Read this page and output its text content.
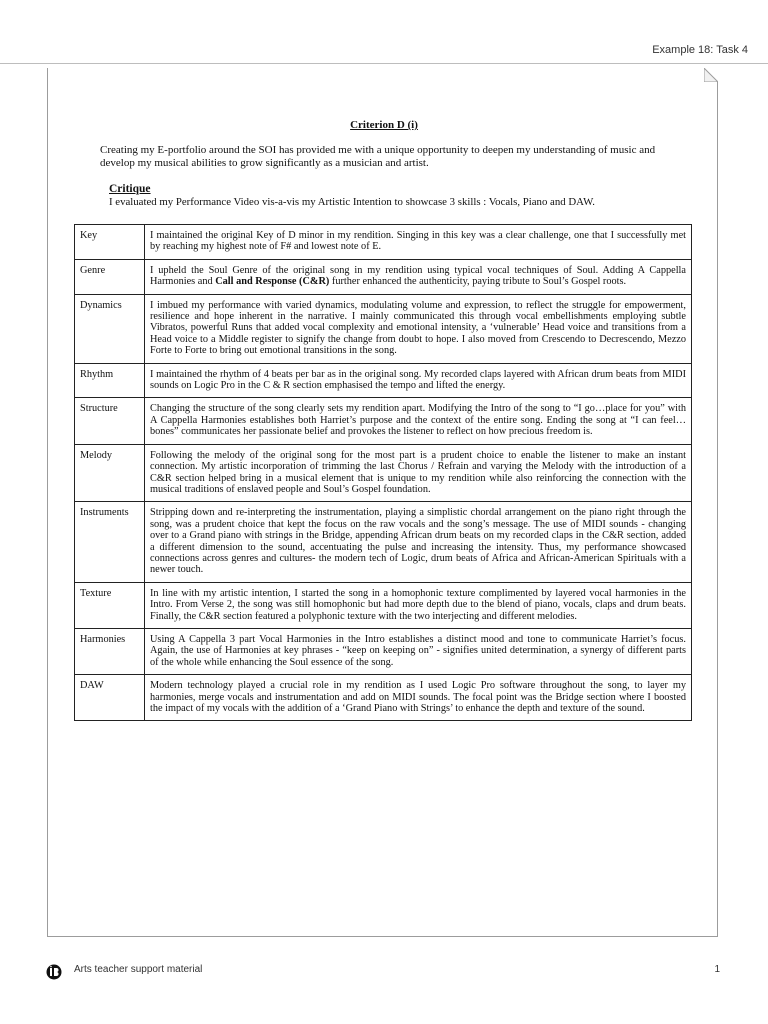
Example 18: Task 4
Criterion D (i)
Creating my E-portfolio around the SOI has provided me with a unique opportunity to deepen my understanding of music and develop my musical abilities to grow significantly as a musician and artist.
Critique
I evaluated my Performance Video vis-a-vis my Artistic Intention to showcase 3 skills : Vocals, Piano and DAW.
Key	I maintained the original Key of D minor in my rendition. Singing in this key was a clear challenge, one that I successfully met by reaching my highest note of F# and lowest note of E.
Genre	I upheld the Soul Genre of the original song in my rendition using typical vocal techniques of Soul. Adding A Cappella Harmonies and Call and Response (C&R) further enhanced the authenticity, paying tribute to Soul’s Gospel roots.
Dynamics	I imbued my performance with varied dynamics, modulating volume and expression, to reflect the struggle for empowerment, resilience and hope inherent in the narrative. I mainly communicated this through vocal embellishments employing subtle Vibratos, powerful Runs that added vocal complexity and emotional intensity, a ‘vulnerable’ Head voice and transitions from a Head voice to a Middle register to signify the change from doubt to hope. I also moved from Crescendo to Decrescendo, Mezzo Forte to Forte to bring out emotional transitions in the song.
Rhythm	I maintained the rhythm of 4 beats per bar as in the original song. My recorded claps layered with African drum beats from MIDI sounds on Logic Pro in the C & R section emphasised the tempo and lifted the energy.
Structure	Changing the structure of the song clearly sets my rendition apart. Modifying the Intro of the song to “I go…place for you” with A Cappella Harmonies establishes both Harriet’s purpose and the context of the entire song. Ending the song at “I can feel…bones” communicates her passionate belief and provokes the listener to reflect on how precious freedom is.
Melody	Following the melody of the original song for the most part is a prudent choice to enable the listener to make an instant connection. My artistic incorporation of trimming the last Chorus / Refrain and varying the Melody with the introduction of a C&R section helped bring in a musical element that is unique to my rendition while also reinforcing the connection with the musical traditions of enslaved people and Soul’s Gospel foundation.
Instruments	Stripping down and re-interpreting the instrumentation, playing a simplistic chordal arrangement on the piano right through the song, was a prudent choice that kept the focus on the raw vocals and the song’s message. The use of MIDI sounds - changing over to a Grand piano with strings in the Bridge, appending African drum beats on my recorded claps in the C&R section, added a different dimension to the sound, accentuating the pulse and increasing the intensity. Thus, my performance showcased connections across genres and cultures- the modern tech of Logic, drum beats of Africa and African-American Spirituals with a newer touch.
Texture	In line with my artistic intention, I started the song in a homophonic texture complimented by layered vocal harmonies in the Intro. From Verse 2, the song was still homophonic but had more depth due to the blend of piano, vocals, claps and drum beats. Finally, the C&R section featured a polyphonic texture with the two interjecting and different melodies.
Harmonies	Using A Cappella 3 part Vocal Harmonies in the Intro establishes a distinct mood and tone to communicate Harriet’s focus. Again, the use of Harmonies at key phrases - “keep on keeping on” - signifies united determination, a synergy of different parts of the whole while enhancing the Soul essence of the song.
DAW	Modern technology played a crucial role in my rendition as I used Logic Pro software throughout the song, to layer my harmonies, merge vocals and instrumentation and add on MIDI sounds. The focal point was the Bridge section where I boosted the impact of my vocals with the addition of a ‘Grand Piano with Strings’ to enhance the depth and texture of the sound.
Arts teacher support material	1
